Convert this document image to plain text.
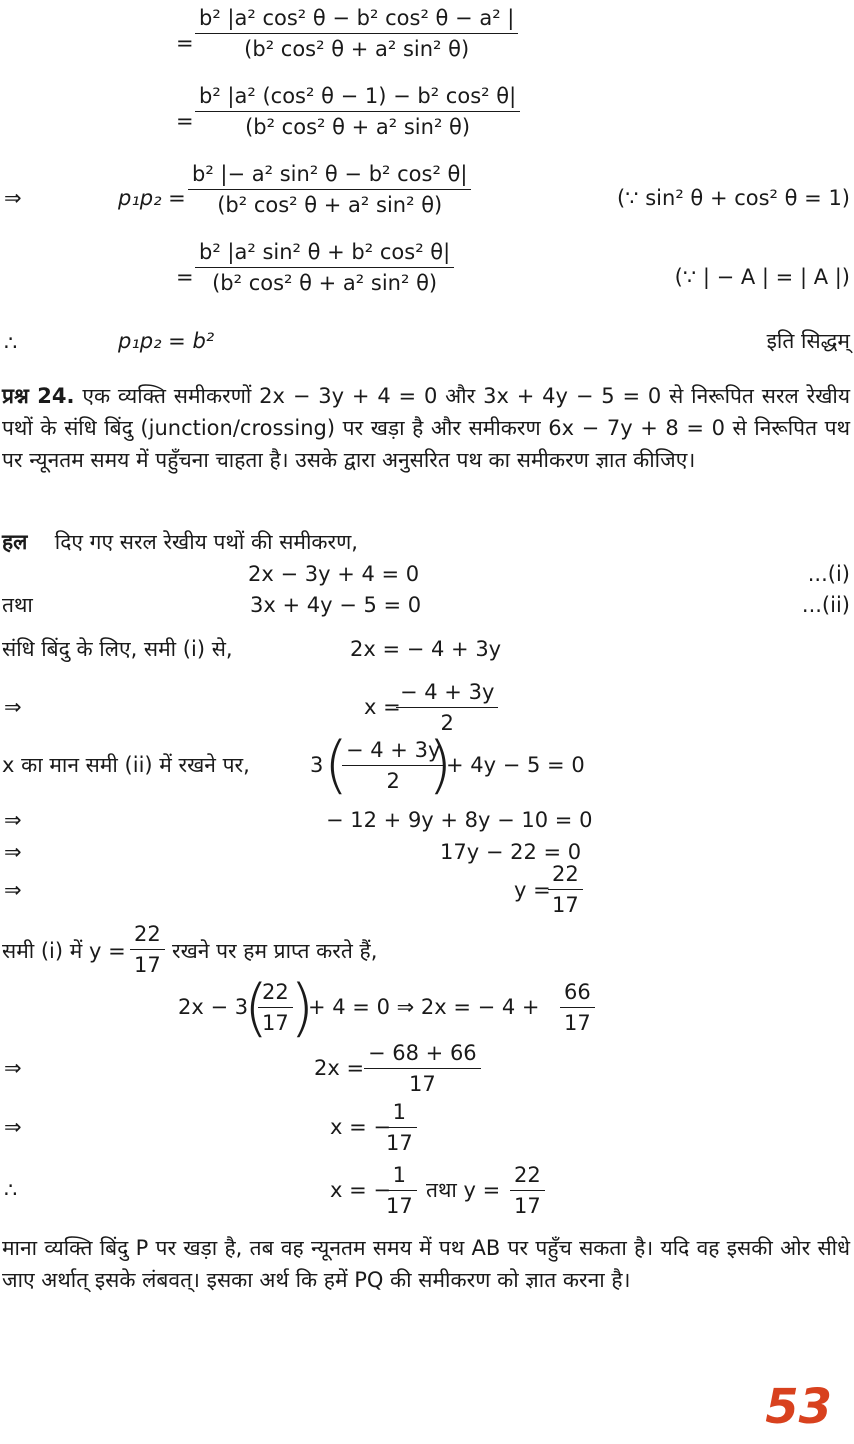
= $\frac{\text{b² |a² cos² θ − b² cos² θ − a² |}}{\text{(b² cos² θ + a² sin² θ)}}$
= $\frac{\text{b² |a² (cos² θ − 1) − b² cos² θ|}}{\text{(b² cos² θ + a² sin² θ)}}$
⇒	$p_1p_2 = \frac{\text{b² |− a² sin² θ − b² cos² θ|}}{\text{(b² cos² θ + a² sin² θ)}}$	(∵ sin² θ + cos² θ = 1)
= $\frac{\text{b² |a² sin² θ + b² cos² θ|}}{\text{(b² cos² θ + a² sin² θ)}}$	(∵ | − A | = | A |)
∴	p₁p₂ = b²	इति सिद्धम्
प्रश्न 24. एक व्यक्ति समीकरणों 2x − 3y + 4 = 0 और 3x + 4y − 5 = 0 से निरूपित सरल रेखीय पथों के संधि बिंदु (junction/crossing) पर खड़ा है और समीकरण 6x − 7y + 8 = 0 से निरूपित पथ पर न्यूनतम समय में पहुँचना चाहता है। उसके द्वारा अनुसरित पथ का समीकरण ज्ञात कीजिए।
हल दिए गए सरल रेखीय पथों की समीकरण,
2x − 3y + 4 = 0	...(i)
तथा	3x + 4y − 5 = 0	...(ii)
संधि बिंदु के लिए, समी (i) से,	2x = − 4 + 3y
⇒	x =
$\frac{- 4 + 3y}{2}$
x का मान समी (ii) में रखने पर,	3 (
$\frac{- 4 + 3y}{2}$
)
+ 4y − 5 = 0
⇒	− 12 + 9y + 8y − 10 = 0
⇒	17y − 22 = 0
⇒	y =
$\frac{22}{17}$
समी (i) में $y = \frac{22}{17}$ रखने पर हम प्राप्त करते हैं,
2x − 3
(
$\frac{22}{17}$
)
+ 4 = 0 ⇒ 2x = − $4 + \frac{66}{17}$
⇒	$2x = \frac{- 68 + 66}{17}$
⇒	x = −
$\frac{1}{17}$
∴	x = −
$\frac{1}{17}$ तथा $y = \frac{22}{17}$
माना व्यक्ति बिंदु P पर खड़ा है, तब वह न्यूनतम समय में पथ AB पर पहुँच सकता है। यदि वह इसकी ओर सीधे जाए अर्थात् इसके लंबवत्। इसका अर्थ कि हमें PQ की समीकरण को ज्ञात करना है।
53
